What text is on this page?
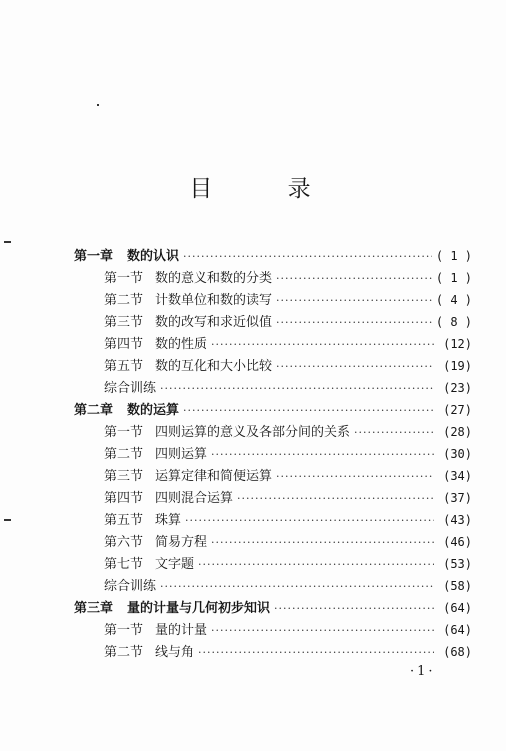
目 录
第一章 数的认识 ·····	( 1 )
第一节 数的意义和数的分类 ·····	( 1 )
第二节 计数单位和数的读写 ·····	( 4 )
第三节 数的改写和求近似值 ·····	( 8 )
第四节 数的性质 ·····	(12)
第五节 数的互化和大小比较 ·····	(19)
综合训练 ·····	(23)
第二章 数的运算 ·····	(27)
第一节 四则运算的意义及各部分间的关系 ·····	(28)
第二节 四则运算 ·····	(30)
第三节 运算定律和简便运算 ·····	(34)
第四节 四则混合运算 ·····	(37)
第五节 珠算 ·····	(43)
第六节 简易方程 ·····	(46)
第七节 文字题 ·····	(53)
综合训练 ·····	(58)
第三章 量的计量与几何初步知识 ·····	(64)
第一节 量的计量 ·····	(64)
第二节 线与角 ·····	(68)
·1·
